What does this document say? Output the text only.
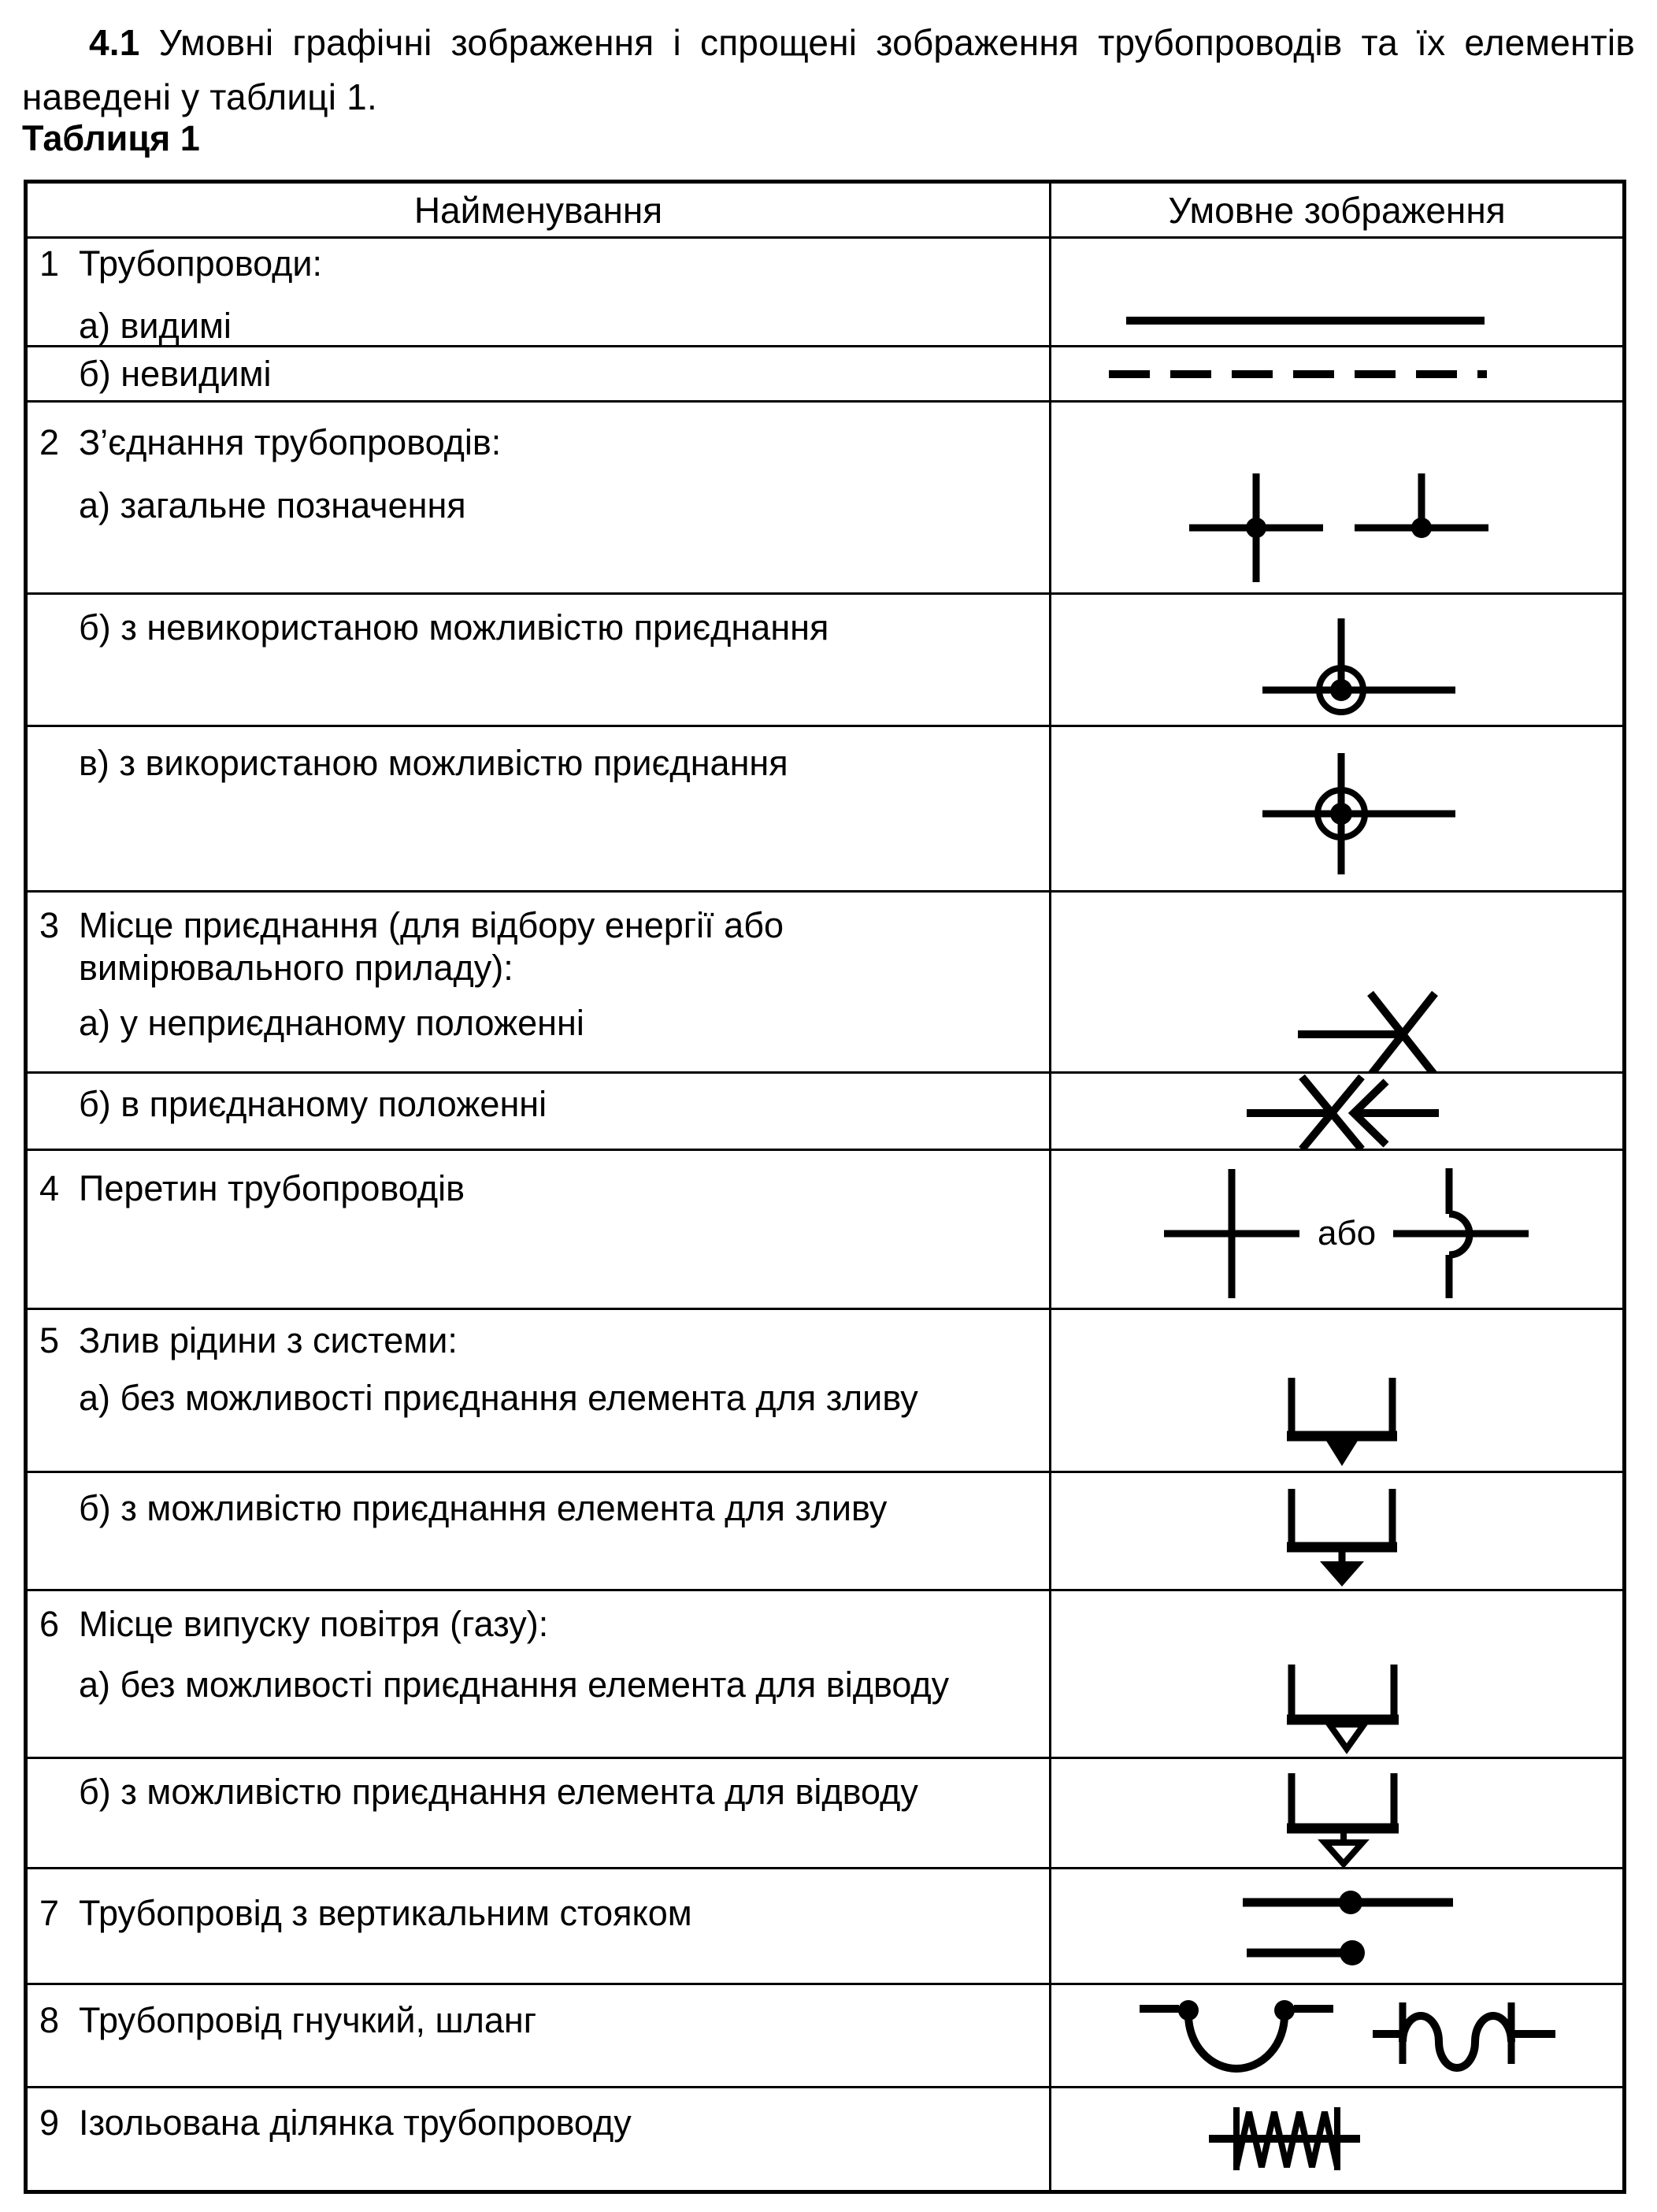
4.1 Умовні графічні зображення і спрощені зображення трубопроводів та їх елементів наведені у таблиці 1.
Таблиця 1
Найменування	Умовне зображення
1 Трубопроводи:
а) видимі
б) невидимі
2 З’єднання трубопроводів:
а) загальне позначення
б) з невикористаною можливістю приєднання
в) з використаною можливістю приєднання
3 Місце приєднання (для відбору енергії або
вимірювального приладу):
а) у неприєднаному положенні
б) в приєднаному положенні
4 Перетин трубопроводів
або
5 Злив рідини з системи:
а) без можливості приєднання елемента для зливу
б) з можливістю приєднання елемента для зливу
6 Місце випуску повітря (газу):
а) без можливості приєднання елемента для відводу
б) з можливістю приєднання елемента для відводу
7 Трубопровід з вертикальним стояком
8 Трубопровід гнучкий, шланг
9 Ізольована ділянка трубопроводу
